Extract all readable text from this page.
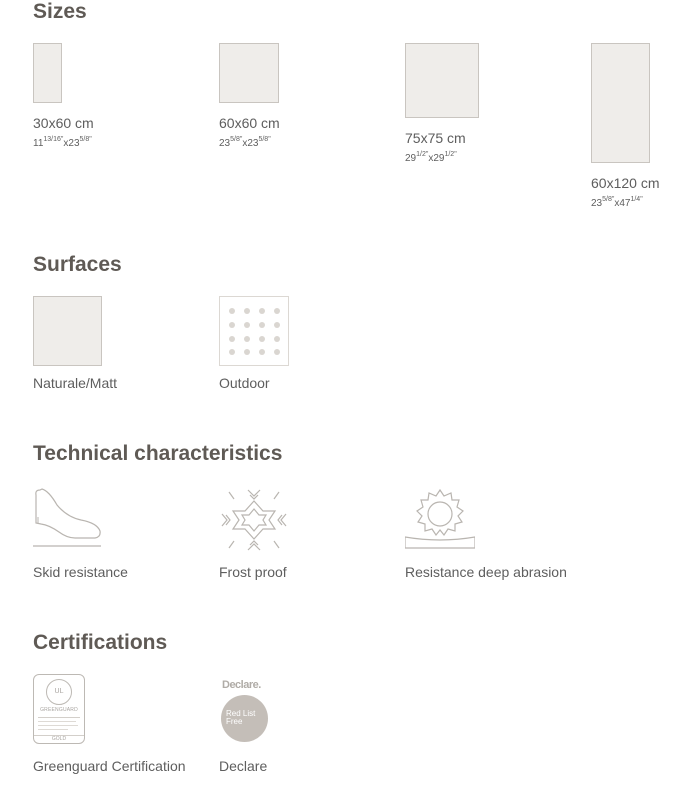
Sizes
30x60 cm
$11^{13/16"}x23^{5/8"}$
60x60 cm
$23^{5/8"}x23^{5/8"}$	75x75 cm
$29^{1/2"}x29^{1/2"}$
60x120 cm
$23^{5/8"}x47^{1/4"}$
Surfaces
Naturale/Matt	Outdoor
Technical characteristics
Skid resistance	Frost proof	Resistance deep abrasion
Certifications
UL
GREENGUARD
GOLD
Greenguard Certification
Declare.
Red List
Free
Declare
